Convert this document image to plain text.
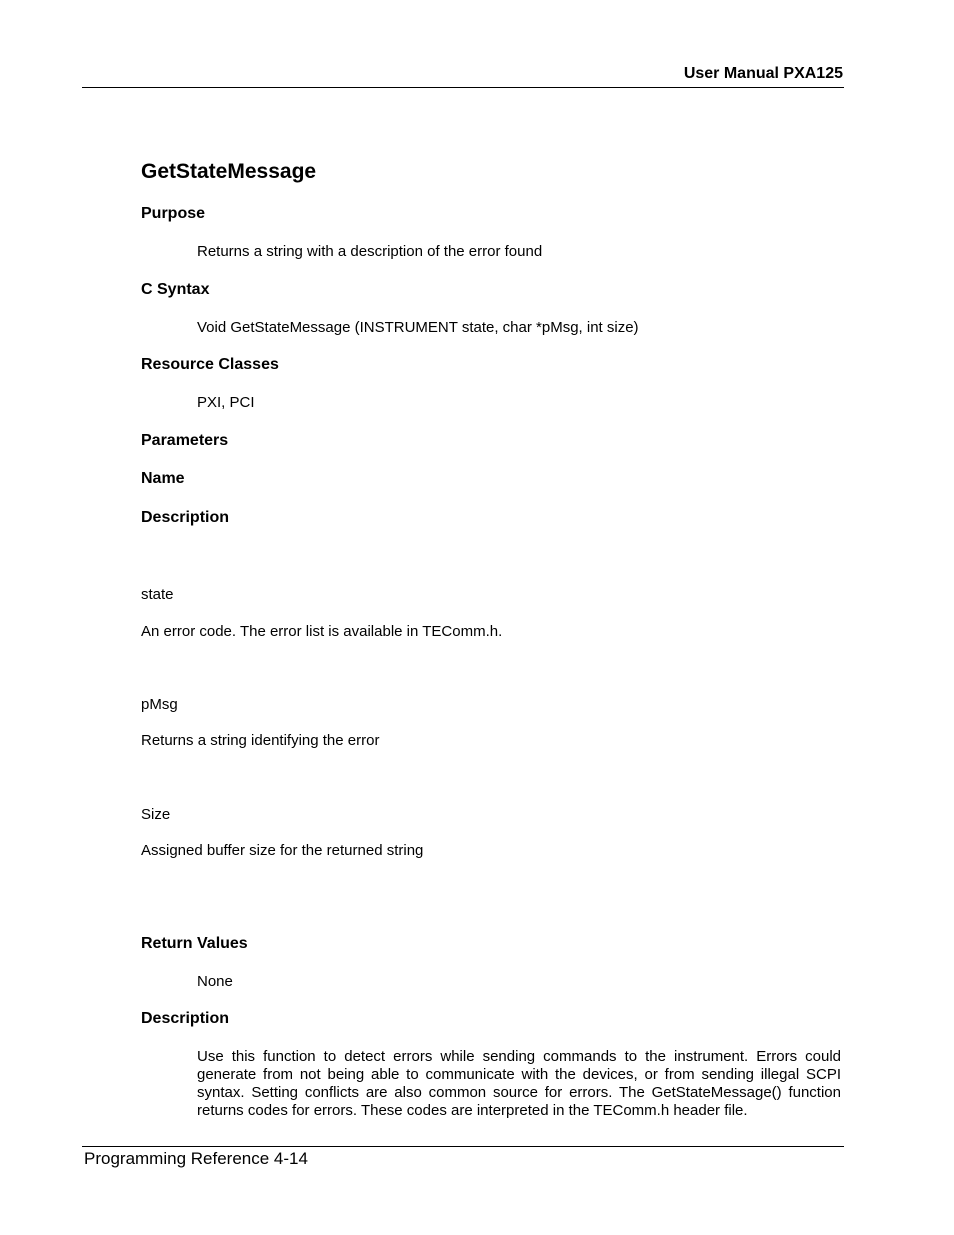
User Manual PXA125
GetStateMessage
Purpose
Returns a string with a description of the error found
C Syntax
Void GetStateMessage (INSTRUMENT state, char *pMsg, int size)
Resource Classes
PXI, PCI
Parameters
Name
Description
state
An error code. The error list is available in TEComm.h.
pMsg
Returns a string identifying the error
Size
Assigned buffer size for the returned string
Return Values
None
Description
Use this function to detect errors while sending commands to the instrument. Errors could generate from not being able to communicate with the devices, or from sending illegal SCPI syntax. Setting conflicts are also common source for errors. The GetStateMessage() function returns codes for errors. These codes are interpreted in the TEComm.h header file.
Programming Reference 4-14
